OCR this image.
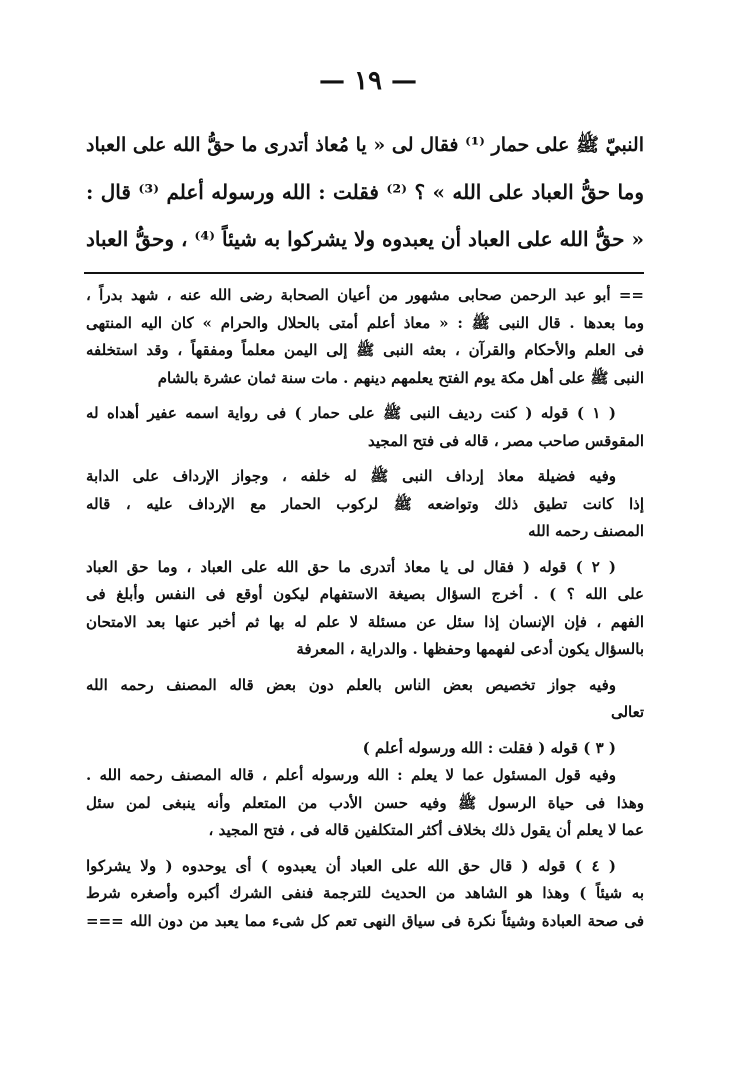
— ١٩ —

النبيّ ﷺ على حمار ⁽¹⁾ فقال لى « يا مُعاذ أتدرى ما حقُّ الله على العباد

وما حقُّ العباد على الله » ؟ ⁽²⁾ فقلت : الله ورسوله أعلم ⁽³⁾ قال :

« حقُّ الله على العباد أن يعبدوه ولا يشركوا به شيئاً ⁽⁴⁾ ، وحقُّ العباد

== أبو عبد الرحمن صحابى مشهور من أعيان الصحابة رضى الله عنه ، شهد بدراً ،

وما بعدها . قال النبى ﷺ : « معاذ أعلم أمتى بالحلال والحرام » كان اليه المنتهى

فى العلم والأحكام والقرآن ، بعثه النبى ﷺ إلى اليمن معلماً ومفقهاً ، وقد استخلفه

النبى ﷺ على أهل مكة يوم الفتح يعلمهم دينهم . مات سنة ثمان عشرة بالشام

( ١ ) قوله ( كنت رديف النبى ﷺ على حمار ) فى رواية اسمه عفير أهداه له

المقوقس صاحب مصر ، قاله فى فتح المجيد

وفيه فضيلة معاذ إرداف النبى ﷺ له خلفه ، وجواز الإرداف على الدابة

إذا كانت تطيق ذلك وتواضعه ﷺ لركوب الحمار مع الإرداف عليه ، قاله

المصنف رحمه الله

( ٢ ) قوله ( فقال لى يا معاذ أتدرى ما حق الله على العباد ، وما حق العباد

على الله ؟ ) . أخرج السؤال بصيغة الاستفهام ليكون أوقع فى النفس وأبلغ فى

الفهم ، فإن الإنسان إذا سئل عن مسئلة لا علم له بها ثم أخبر عنها بعد الامتحان

بالسؤال يكون أدعى لفهمها وحفظها . والدراية ، المعرفة

وفيه جواز تخصيص بعض الناس بالعلم دون بعض قاله المصنف رحمه الله

تعالى

( ٣ ) قوله ( فقلت : الله ورسوله أعلم )

وفيه قول المسئول عما لا يعلم : الله ورسوله أعلم ، قاله المصنف رحمه الله .

وهذا فى حياة الرسول ﷺ وفيه حسن الأدب من المتعلم وأنه ينبغى لمن سئل

عما لا يعلم أن يقول ذلك بخلاف أكثر المتكلفين قاله فى ، فتح المجيد ،

( ٤ ) قوله ( قال حق الله على العباد أن يعبدوه ) أى يوحدوه ( ولا يشركوا

به شيئاً ) وهذا هو الشاهد من الحديث للترجمة فنفى الشرك أكبره وأصغره شرط

فى صحة العبادة وشيئاً نكرة فى سياق النهى تعم كل شىء مما يعبد من دون الله ===
